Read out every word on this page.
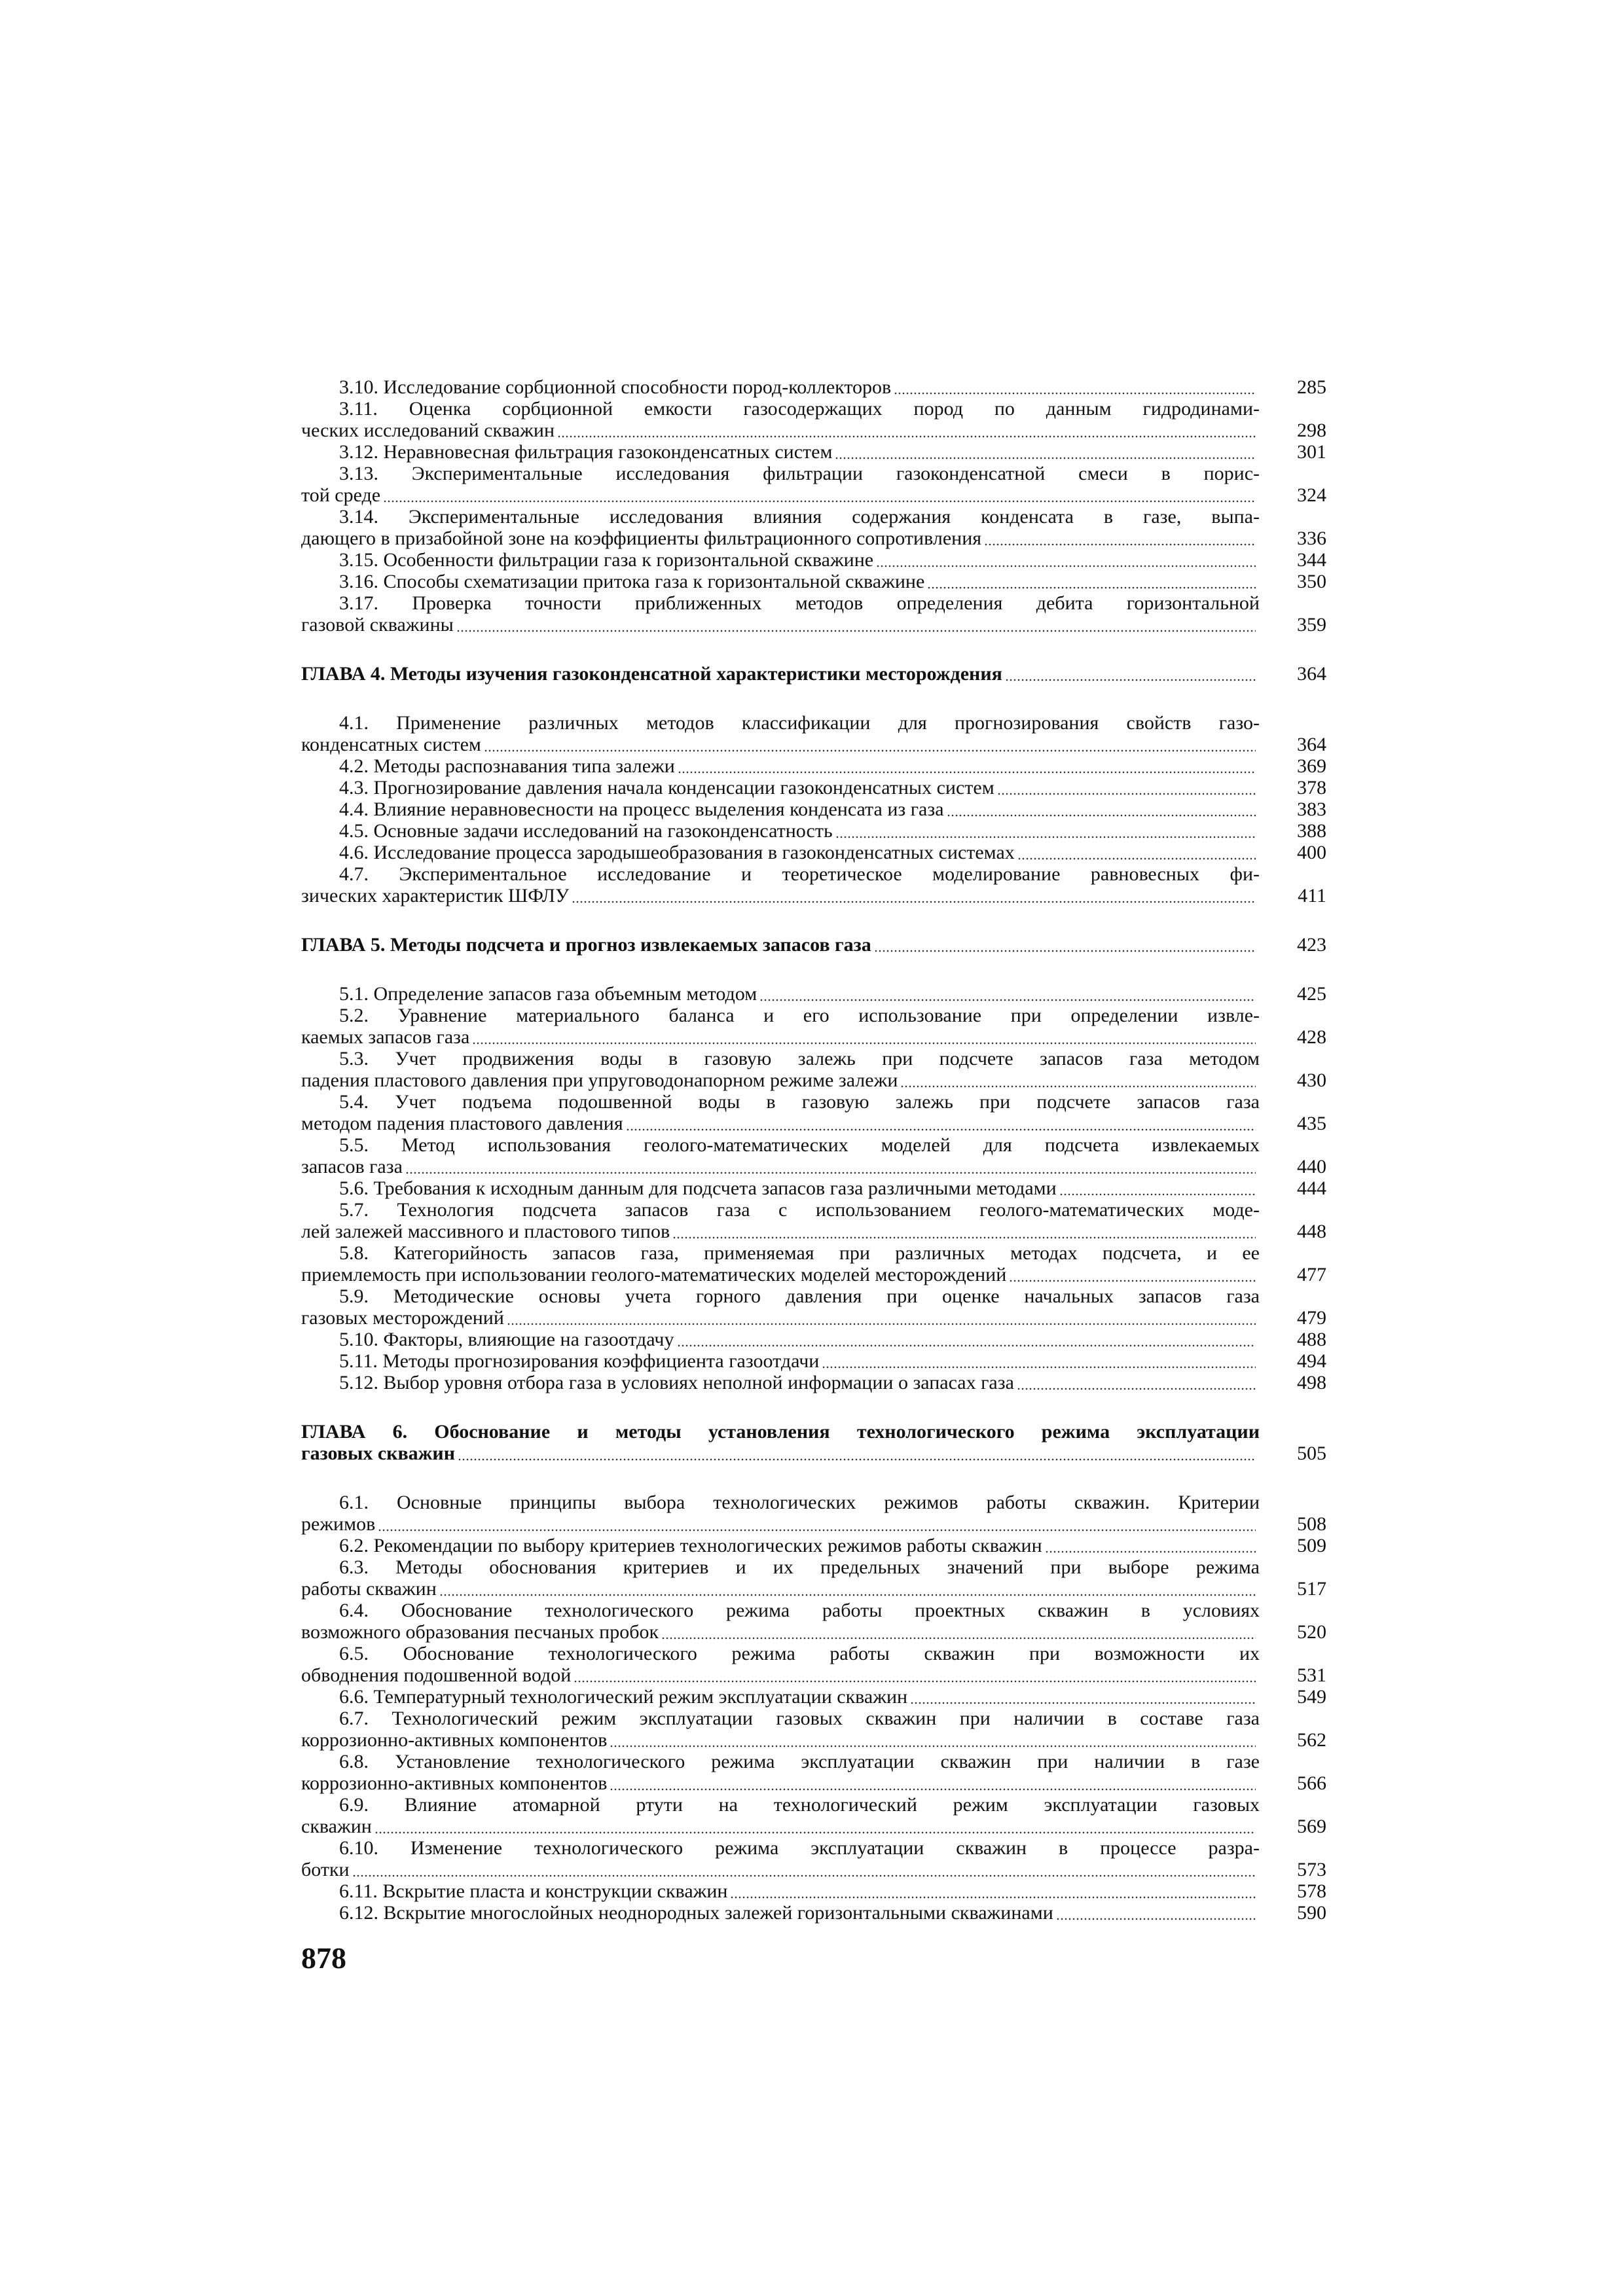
3.10. Исследование сорбционной способности пород-коллекторов	285
3.11. Оценка сорбционной емкости газосодержащих пород по данным гидродинами-
ческих исследований скважин	298
3.12. Неравновесная фильтрация газоконденсатных систем	301
3.13. Экспериментальные исследования фильтрации газоконденсатной смеси в порис-
той среде	324
3.14. Экспериментальные исследования влияния содержания конденсата в газе, выпа-
дающего в призабойной зоне на коэффициенты фильтрационного сопротивления	336
3.15. Особенности фильтрации газа к горизонтальной скважине	344
3.16. Способы схематизации притока газа к горизонтальной скважине	350
3.17. Проверка точности приближенных методов определения дебита горизонтальной
газовой скважины	359
ГЛАВА 4. Методы изучения газоконденсатной характеристики месторождения	364
4.1. Применение различных методов классификации для прогнозирования свойств газо-
конденсатных систем	364
4.2. Методы распознавания типа залежи	369
4.3. Прогнозирование давления начала конденсации газоконденсатных систем	378
4.4. Влияние неравновесности на процесс выделения конденсата из газа	383
4.5. Основные задачи исследований на газоконденсатность	388
4.6. Исследование процесса зародышеобразования в газоконденсатных системах	400
4.7. Экспериментальное исследование и теоретическое моделирование равновесных фи-
зических характеристик ШФЛУ	411
ГЛАВА 5. Методы подсчета и прогноз извлекаемых запасов газа	423
5.1. Определение запасов газа объемным методом	425
5.2. Уравнение материального баланса и его использование при определении извле-
каемых запасов газа	428
5.3. Учет продвижения воды в газовую залежь при подсчете запасов газа методом
падения пластового давления при упруговодонапорном режиме залежи	430
5.4. Учет подъема подошвенной воды в газовую залежь при подсчете запасов газа
методом падения пластового давления	435
5.5. Метод использования геолого-математических моделей для подсчета извлекаемых
запасов газа	440
5.6. Требования к исходным данным для подсчета запасов газа различными методами	444
5.7. Технология подсчета запасов газа с использованием геолого-математических моде-
лей залежей массивного и пластового типов	448
5.8. Категорийность запасов газа, применяемая при различных методах подсчета, и ее
приемлемость при использовании геолого-математических моделей месторождений	477
5.9. Методические основы учета горного давления при оценке начальных запасов газа
газовых месторождений	479
5.10. Факторы, влияющие на газоотдачу	488
5.11. Методы прогнозирования коэффициента газоотдачи	494
5.12. Выбор уровня отбора газа в условиях неполной информации о запасах газа	498
ГЛАВА 6. Обоснование и методы установления технологического режима эксплуатации
газовых скважин	505
6.1. Основные принципы выбора технологических режимов работы скважин. Критерии
режимов	508
6.2. Рекомендации по выбору критериев технологических режимов работы скважин	509
6.3. Методы обоснования критериев и их предельных значений при выборе режима
работы скважин	517
6.4. Обоснование технологического режима работы проектных скважин в условиях
возможного образования песчаных пробок	520
6.5. Обоснование технологического режима работы скважин при возможности их
обводнения подошвенной водой	531
6.6. Температурный технологический режим эксплуатации скважин	549
6.7. Технологический режим эксплуатации газовых скважин при наличии в составе газа
коррозионно-активных компонентов	562
6.8. Установление технологического режима эксплуатации скважин при наличии в газе
коррозионно-активных компонентов	566
6.9. Влияние атомарной ртути на технологический режим эксплуатации газовых
скважин	569
6.10. Изменение технологического режима эксплуатации скважин в процессе разра-
ботки	573
6.11. Вскрытие пласта и конструкции скважин	578
6.12. Вскрытие многослойных неоднородных залежей горизонтальными скважинами	590
878
